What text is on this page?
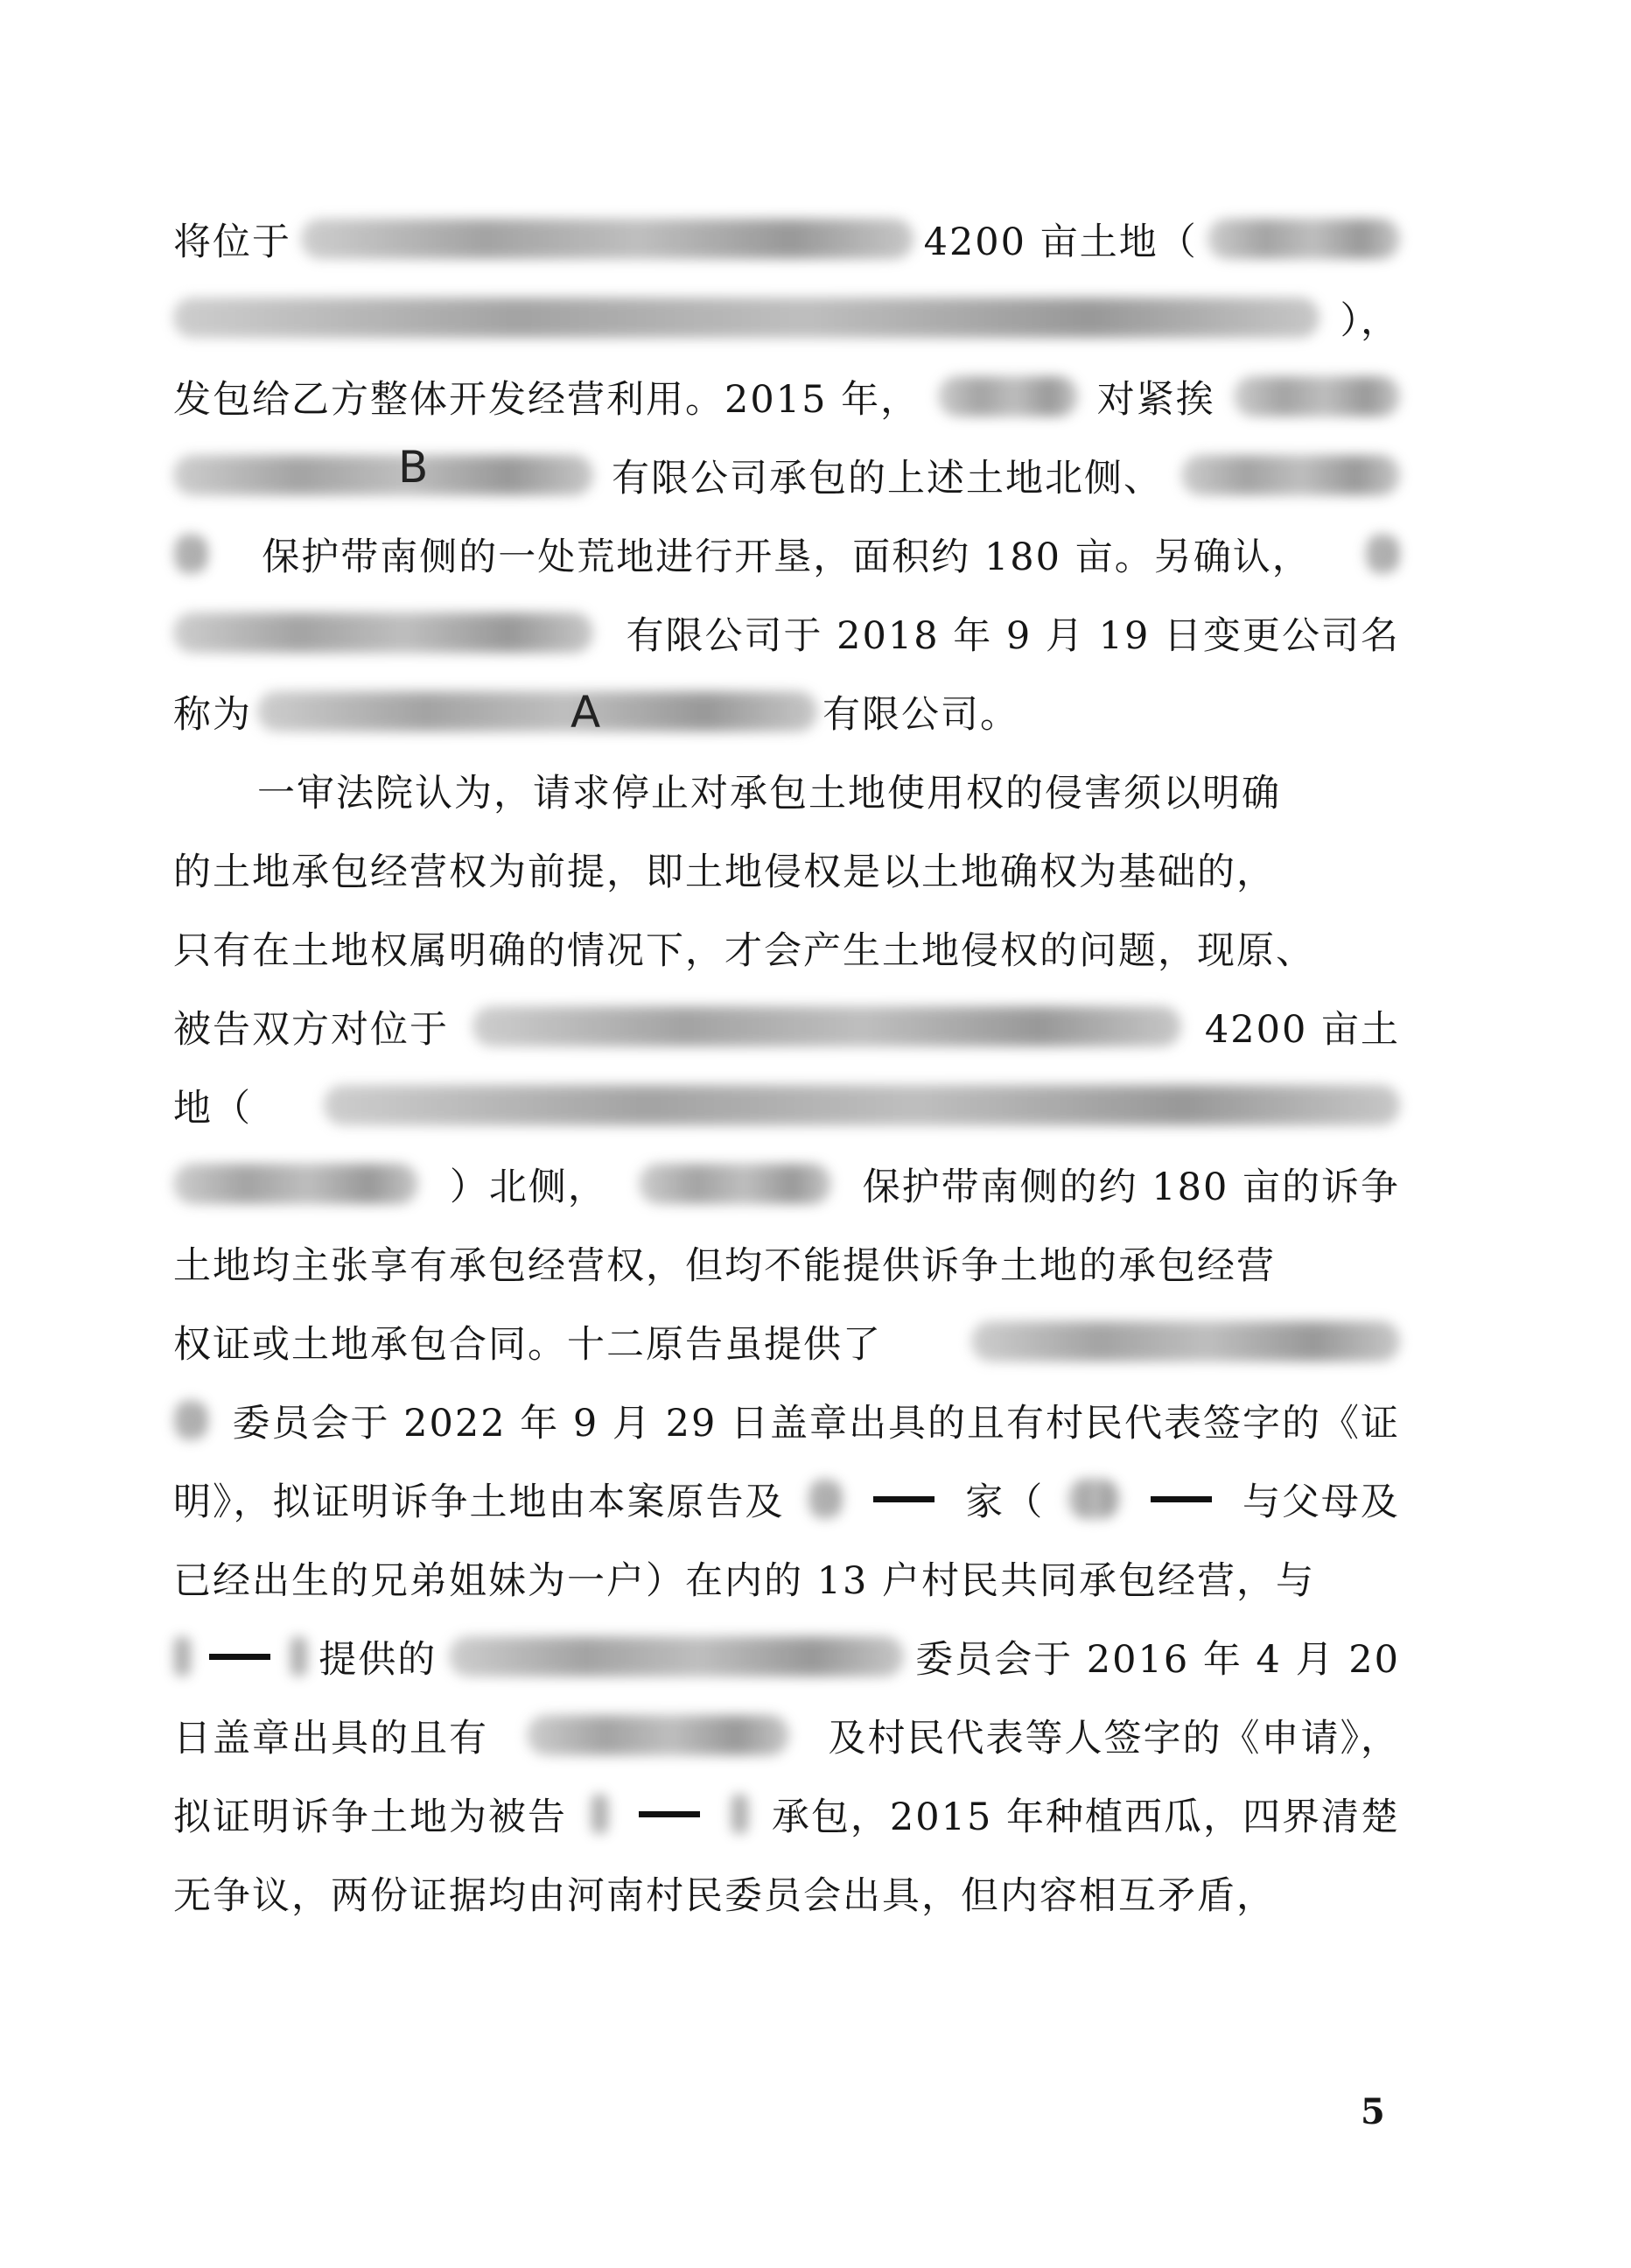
将位于	4200 亩土地（
），
发包给乙方整体开发经营利用。2015 年，	对紧挨
有限公司承包的上述土地北侧、
保护带南侧的一处荒地进行开垦，面积约 180 亩。另确认，
有限公司于 2018 年 9 月 19 日变更公司名
称为	有限公司。
一审法院认为，请求停止对承包土地使用权的侵害须以明确
的土地承包经营权为前提，即土地侵权是以土地确权为基础的，
只有在土地权属明确的情况下，才会产生土地侵权的问题，现原、
被告双方对位于	4200 亩土
地（
）北侧，	保护带南侧的约 180 亩的诉争
土地均主张享有承包经营权，但均不能提供诉争土地的承包经营
权证或土地承包合同。十二原告虽提供了
委员会于 2022 年 9 月 29 日盖章出具的且有村民代表签字的《证
明》，拟证明诉争土地由本案原告及	家（	与父母及
已经出生的兄弟姐妹为一户）在内的 13 户村民共同承包经营，与
提供的	委员会于 2016 年 4 月 20
日盖章出具的且有	及村民代表等人签字的《申请》，
拟证明诉争土地为被告	承包，2015 年种植西瓜，四界清楚
无争议，两份证据均由河南村民委员会出具，但内容相互矛盾，
B
A
5
